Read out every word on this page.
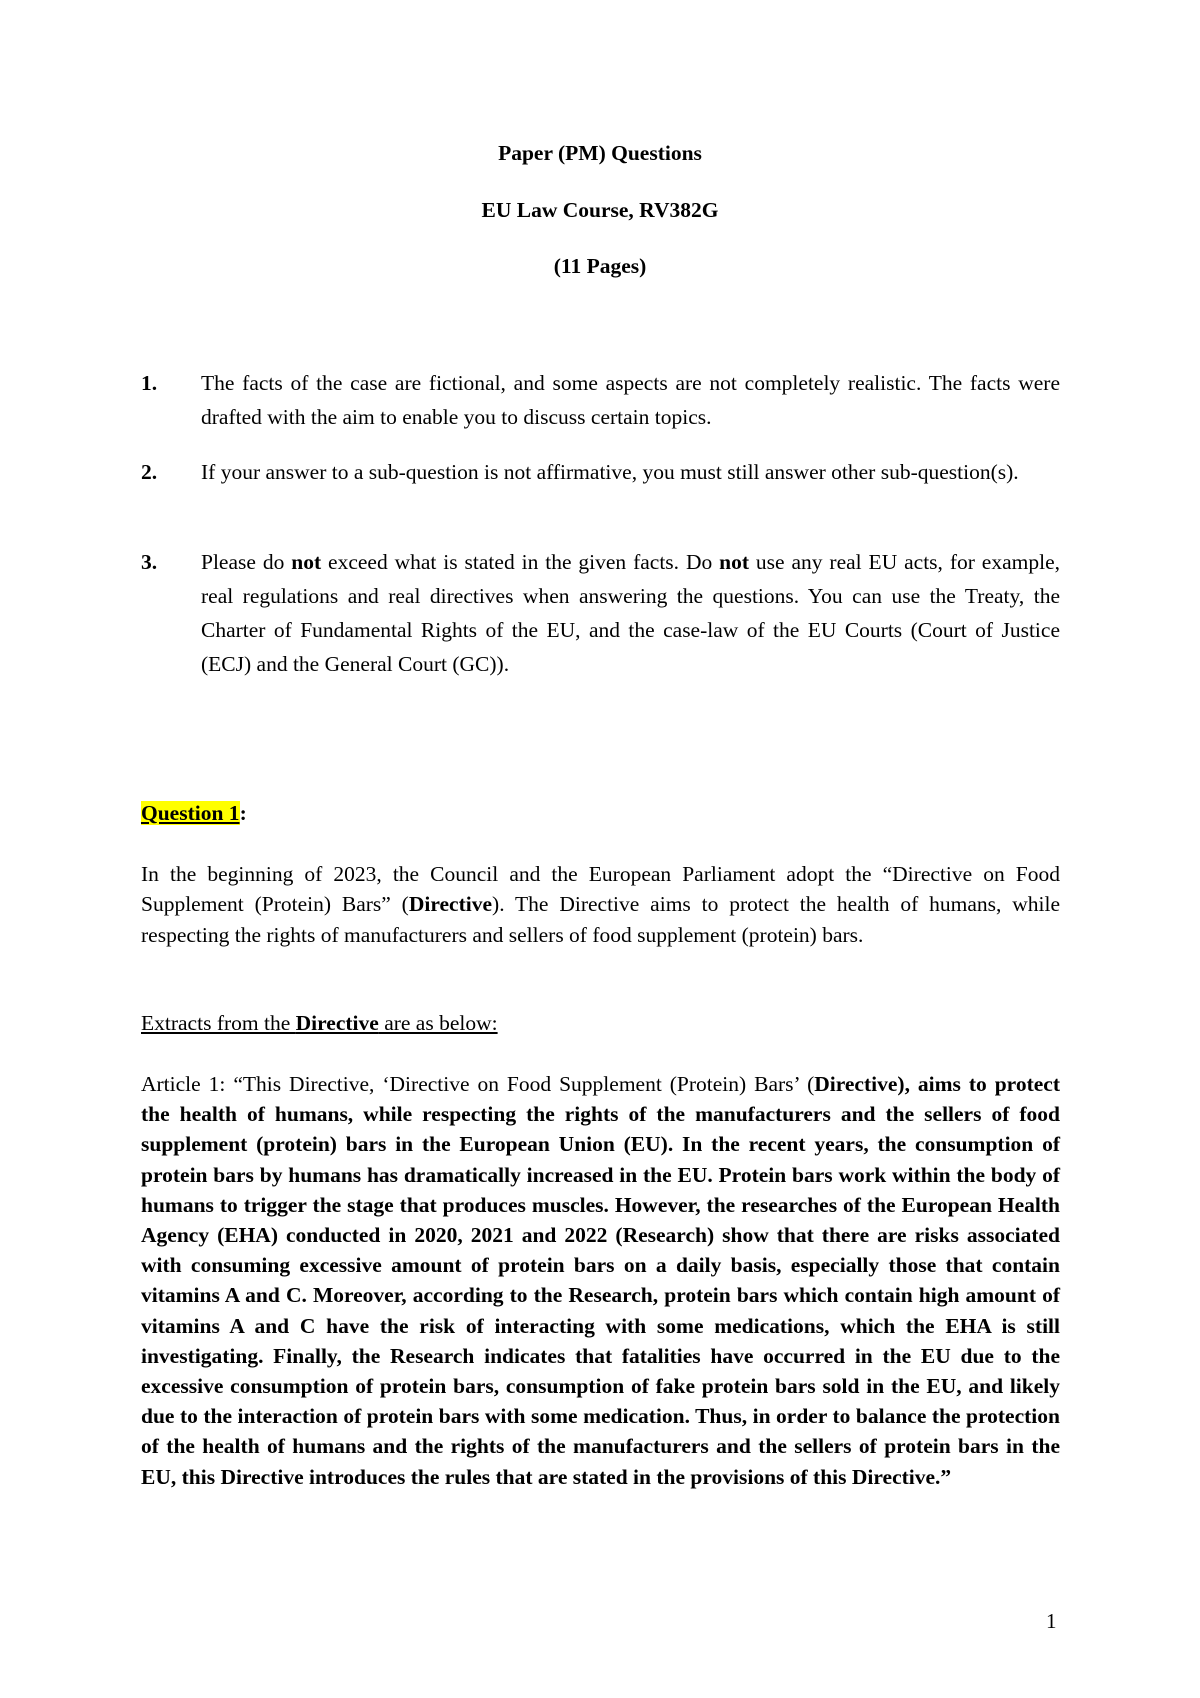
Paper (PM) Questions
EU Law Course, RV382G
(11 Pages)
1. The facts of the case are fictional, and some aspects are not completely realistic. The facts were drafted with the aim to enable you to discuss certain topics.
2. If your answer to a sub-question is not affirmative, you must still answer other sub-question(s).
3. Please do not exceed what is stated in the given facts. Do not use any real EU acts, for example, real regulations and real directives when answering the questions. You can use the Treaty, the Charter of Fundamental Rights of the EU, and the case-law of the EU Courts (Court of Justice (ECJ) and the General Court (GC)).
Question 1:
In the beginning of 2023, the Council and the European Parliament adopt the “Directive on Food Supplement (Protein) Bars” (Directive). The Directive aims to protect the health of humans, while respecting the rights of manufacturers and sellers of food supplement (protein) bars.
Extracts from the Directive are as below:
Article 1: “This Directive, ‘Directive on Food Supplement (Protein) Bars’ (Directive), aims to protect the health of humans, while respecting the rights of the manufacturers and the sellers of food supplement (protein) bars in the European Union (EU). In the recent years, the consumption of protein bars by humans has dramatically increased in the EU. Protein bars work within the body of humans to trigger the stage that produces muscles. However, the researches of the European Health Agency (EHA) conducted in 2020, 2021 and 2022 (Research) show that there are risks associated with consuming excessive amount of protein bars on a daily basis, especially those that contain vitamins A and C. Moreover, according to the Research, protein bars which contain high amount of vitamins A and C have the risk of interacting with some medications, which the EHA is still investigating. Finally, the Research indicates that fatalities have occurred in the EU due to the excessive consumption of protein bars, consumption of fake protein bars sold in the EU, and likely due to the interaction of protein bars with some medication. Thus, in order to balance the protection of the health of humans and the rights of the manufacturers and the sellers of protein bars in the EU, this Directive introduces the rules that are stated in the provisions of this Directive.”
1
